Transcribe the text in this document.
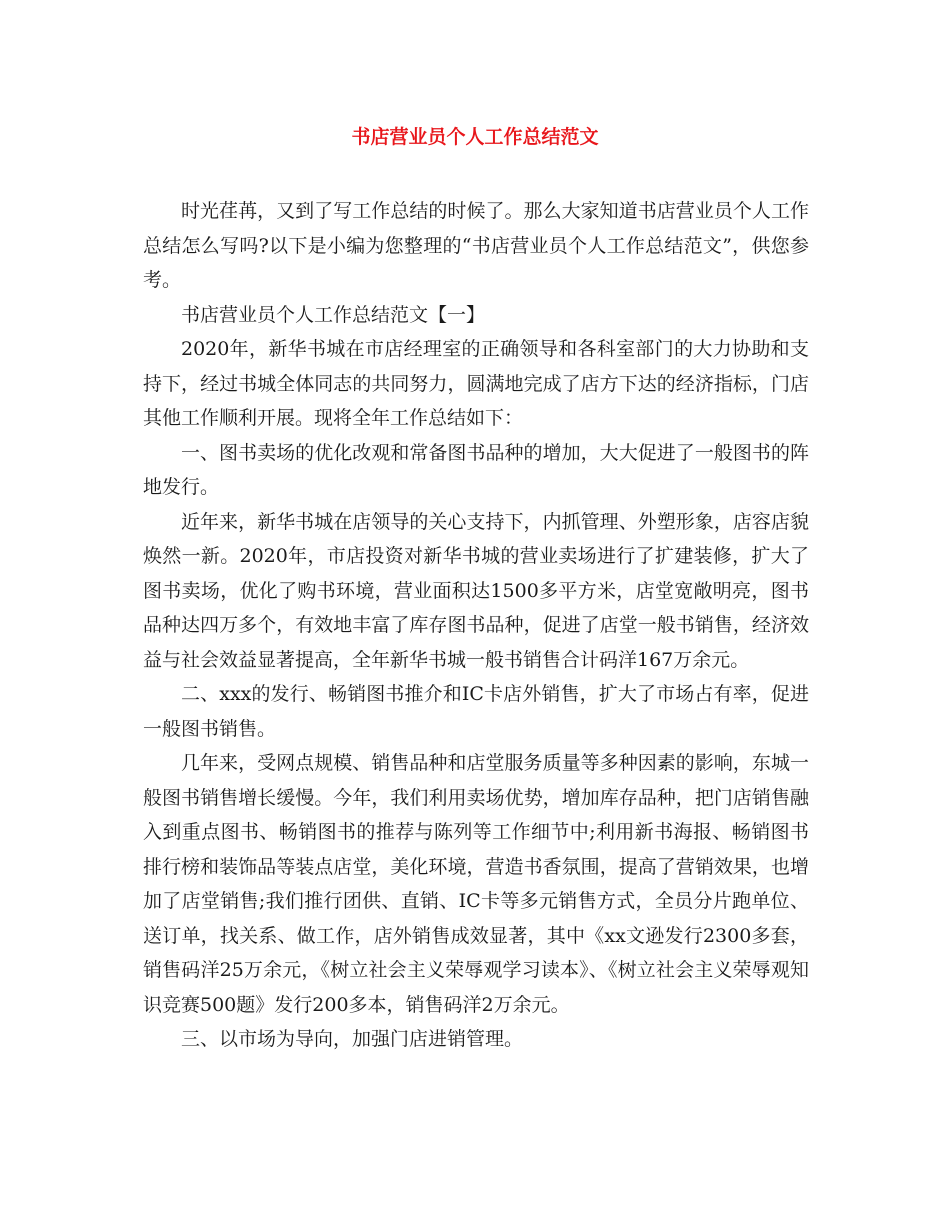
书店营业员个人工作总结范文

时光荏苒，又到了写工作总结的时候了。那么大家知道书店营业员个人工作总结怎么写吗?以下是小编为您整理的“书店营业员个人工作总结范文”，供您参考。

书店营业员个人工作总结范文【一】

2020年，新华书城在市店经理室的正确领导和各科室部门的大力协助和支持下，经过书城全体同志的共同努力，圆满地完成了店方下达的经济指标，门店其他工作顺利开展。现将全年工作总结如下：

一、图书卖场的优化改观和常备图书品种的增加，大大促进了一般图书的阵地发行。

近年来，新华书城在店领导的关心支持下，内抓管理、外塑形象，店容店貌焕然一新。2020年，市店投资对新华书城的营业卖场进行了扩建装修，扩大了图书卖场，优化了购书环境，营业面积达1500多平方米，店堂宽敞明亮，图书品种达四万多个，有效地丰富了库存图书品种，促进了店堂一般书销售，经济效益与社会效益显著提高，全年新华书城一般书销售合计码洋167万余元。

二、xxx的发行、畅销图书推介和IC卡店外销售，扩大了市场占有率，促进一般图书销售。

几年来，受网点规模、销售品种和店堂服务质量等多种因素的影响，东城一般图书销售增长缓慢。今年，我们利用卖场优势，增加库存品种，把门店销售融入到重点图书、畅销图书的推荐与陈列等工作细节中;利用新书海报、畅销图书排行榜和装饰品等装点店堂，美化环境，营造书香氛围，提高了营销效果，也增加了店堂销售;我们推行团供、直销、IC卡等多元销售方式，全员分片跑单位、送订单，找关系、做工作，店外销售成效显著，其中《xx文逊发行2300多套，销售码洋25万余元，《树立社会主义荣辱观学习读本》、《树立社会主义荣辱观知识竞赛500题》发行200多本，销售码洋2万余元。

三、以市场为导向，加强门店进销管理。
